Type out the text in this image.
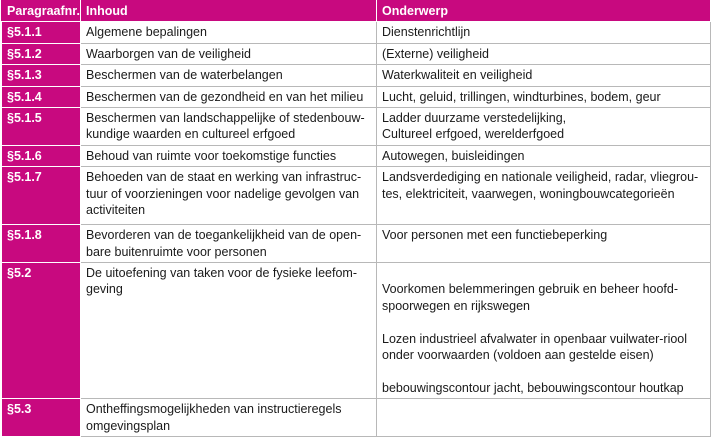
Paragraafnr.	Inhoud	Onderwerp
§5.1.1	Algemene bepalingen	Dienstenrichtlijn

§5.1.2	Waarborgen van de veiligheid	(Externe) veiligheid

§5.1.3	Beschermen van de waterbelangen	Waterkwaliteit en veiligheid

§5.1.4	Beschermen van de gezondheid en van het milieu	Lucht, geluid, trillingen, windturbines, bodem, geur

§5.1.5	Beschermen van landschappelijke of stedenbouw-
kundige waarden en cultureel erfgoed	Ladder duurzame verstedelijking,
Cultureel erfgoed, werelderfgoed

§5.1.6	Behoud van ruimte voor toekomstige functies	Autowegen, buisleidingen

§5.1.7	Behoeden van de staat en werking van infrastruc-
tuur of voorzieningen voor nadelige gevolgen van
activiteiten	Landsverdediging en nationale veiligheid, radar, vliegrou-
tes, elektriciteit, vaarwegen, woningbouwcategorieën

§5.1.8	Bevorderen van de toegankelijkheid van de open-
bare buitenruimte voor personen	Voor personen met een functiebeperking

§5.2	De uitoefening van taken voor de fysieke leefom-
geving	Voorkomen belemmeringen gebruik en beheer hoofd-
spoorwegen en rijkswegen
Lozen industrieel afvalwater in openbaar vuilwater-riool
onder voorwaarden (voldoen aan gestelde eisen)
bebouwingscontour jacht, bebouwingscontour houtkap

§5.3	Ontheffingsmogelijkheden van instructieregels
omgevingsplan	
